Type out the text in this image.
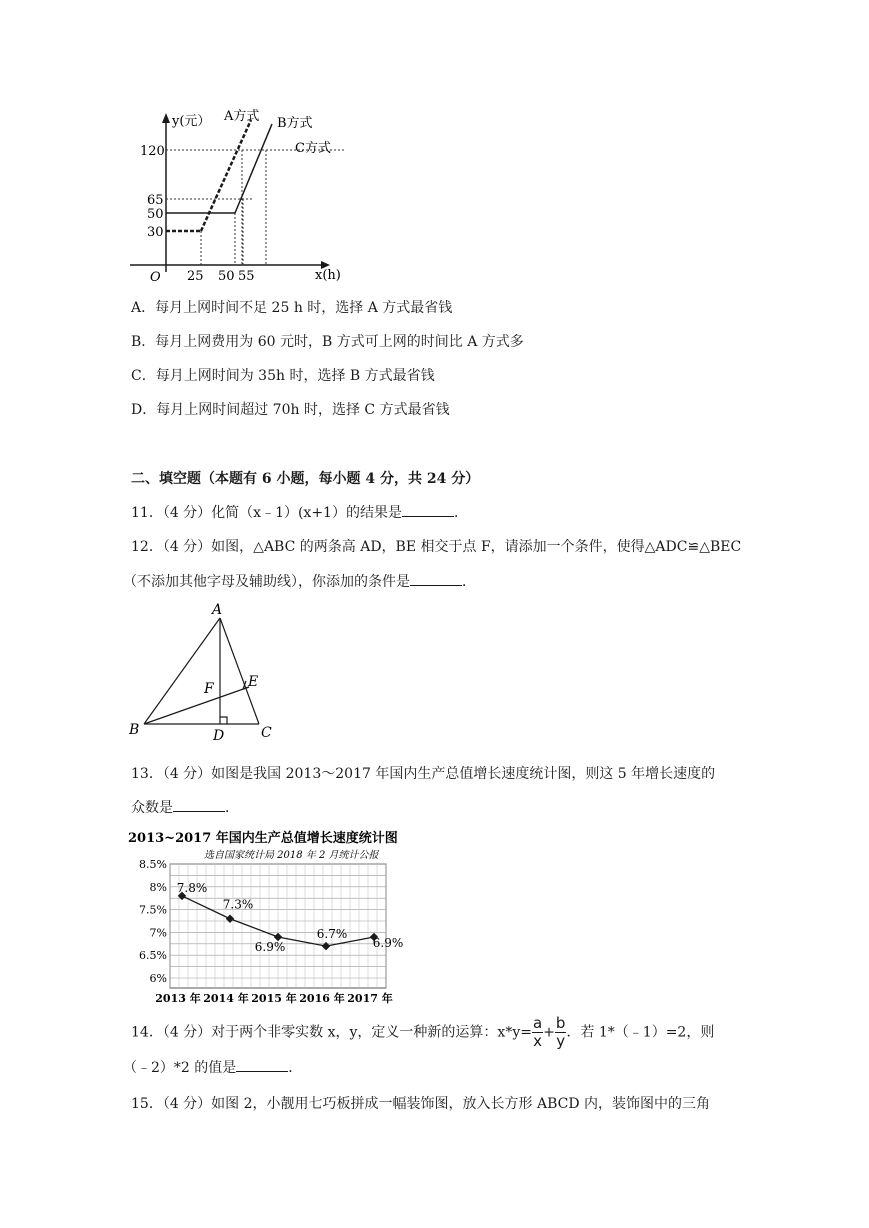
y(元）
x(h)
O
120
65
50
30
25 50 55
A方式 B方式
C方式
A．每月上网时间不足 25 h 时，选择 A 方式最省钱
B．每月上网费用为 60 元时，B 方式可上网的时间比 A 方式多
C．每月上网时间为 35h 时，选择 B 方式最省钱
D．每月上网时间超过 70h 时，选择 C 方式最省钱
二、填空题（本题有 6 小题，每小题 4 分，共 24 分）
11．（4 分）化简（x﹣1）(x+1）的结果是	．
12．（4 分）如图，△ABC 的两条高 AD，BE 相交于点 F，请添加一个条件，使得△ADC≌△BEC
（不添加其他字母及辅助线），你添加的条件是	．
A
B	C
D
E
F
13．（4 分）如图是我国 2013～2017 年国内生产总值增长速度统计图，则这 5 年增长速度的
众数是	．
2013~2017 年国内生产总值增长速度统计图
选自国家统计局 2018 年 2 月统计公报
8.5%
8%
7.5%
7%
6.5%
6%
2013 年 2014 年 2015 年 2016 年 2017 年
7.8%
7.3%
6.9%
6.7%
6.9%
14．（4 分）对于两个非零实数 x，y，定义一种新的运算：$x*y= \frac{a}{x} + \frac{b}{y}$ ．若 1*（﹣1）=2，则
（﹣2）*2 的值是	．
15．（4 分）如图 2，小靓用七巧板拼成一幅装饰图，放入长方形 ABCD 内，装饰图中的三角
